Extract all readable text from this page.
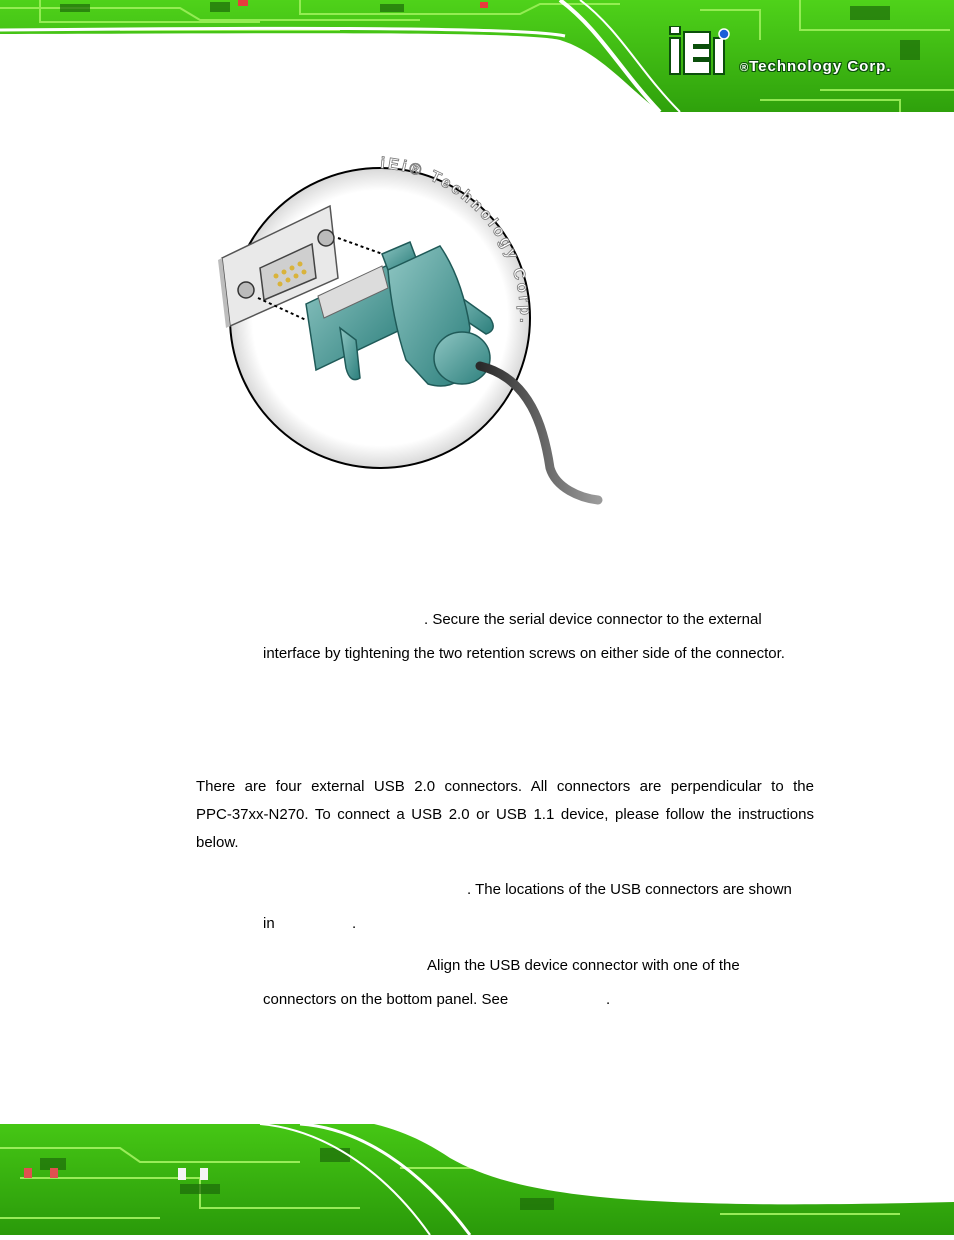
®Technology Corp.
iEi® Technology Corp.
. Secure the serial device connector to the external
interface by tightening the two retention screws on either side of the connector.
There are four external USB 2.0 connectors. All connectors are perpendicular to the
PPC-37xx-N270. To connect a USB 2.0 or USB 1.1 device, please follow the instructions
below.
. The locations of the USB connectors are shown
in	.
Align the USB device connector with one of the
connectors on the bottom panel. See	.
